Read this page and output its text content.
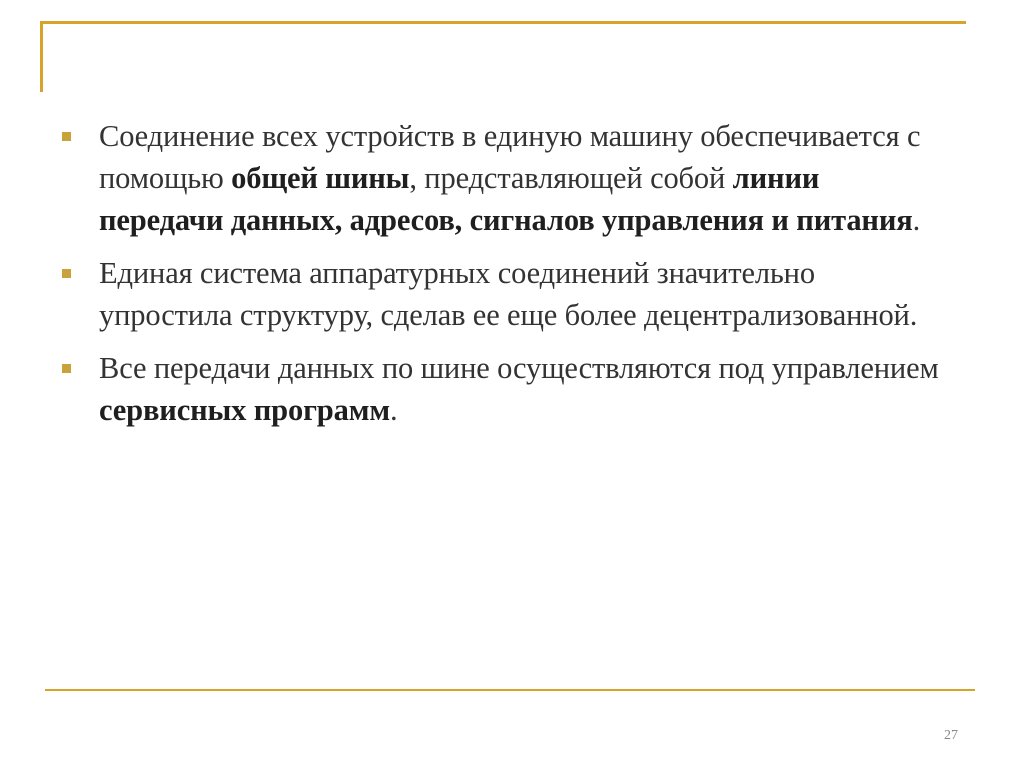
Соединение всех устройств в единую машину обеспечивается с помощью общей шины, представляющей собой линии передачи данных, адресов, сигналов управления и питания.
Единая система аппаратурных соединений значительно упростила структуру, сделав ее еще более децентрализованной.
Все передачи данных по шине осуществляются под управлением сервисных программ.
27
